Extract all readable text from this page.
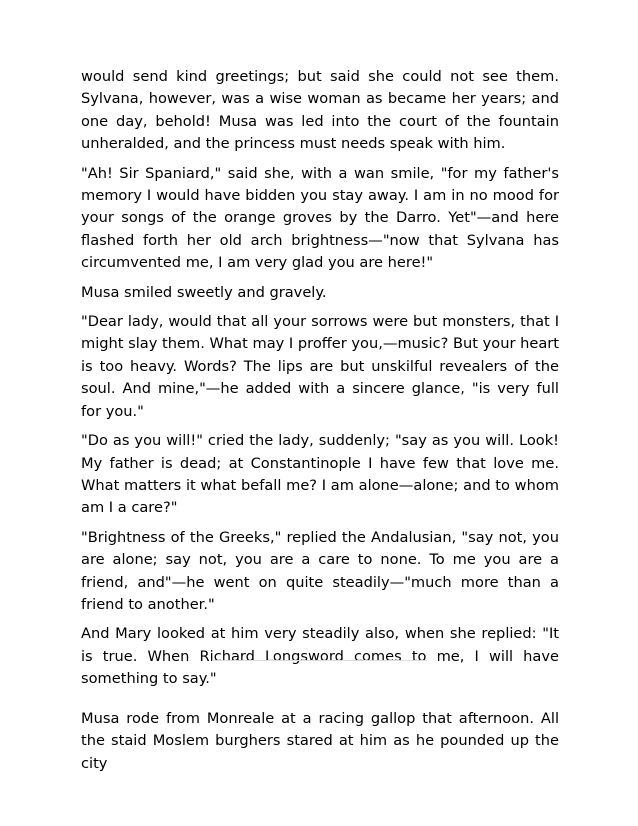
would send kind greetings; but said she could not see them. Sylvana, however, was a wise woman as became her years; and one day, behold! Musa was led into the court of the fountain unheralded, and the princess must needs speak with him.

"Ah! Sir Spaniard," said she, with a wan smile, "for my father's memory I would have bidden you stay away. I am in no mood for your songs of the orange groves by the Darro. Yet"—and here flashed forth her old arch brightness—"now that Sylvana has circumvented me, I am very glad you are here!"

Musa smiled sweetly and gravely.

"Dear lady, would that all your sorrows were but monsters, that I might slay them. What may I proffer you,—music? But your heart is too heavy. Words? The lips are but unskilful revealers of the soul. And mine,"—he added with a sincere glance, "is very full for you."

"Do as you will!" cried the lady, suddenly; "say as you will. Look! My father is dead; at Constantinople I have few that love me. What matters it what befall me? I am alone—alone; and to whom am I a care?"

"Brightness of the Greeks," replied the Andalusian, "say not, you are alone; say not, you are a care to none. To me you are a friend, and"—he went on quite steadily—"much more than a friend to another."

And Mary looked at him very steadily also, when she replied: "It is true. When Richard Longsword comes to me, I will have something to say."

Musa rode from Monreale at a racing gallop that afternoon. All the staid Moslem burghers stared at him as he pounded up the city
